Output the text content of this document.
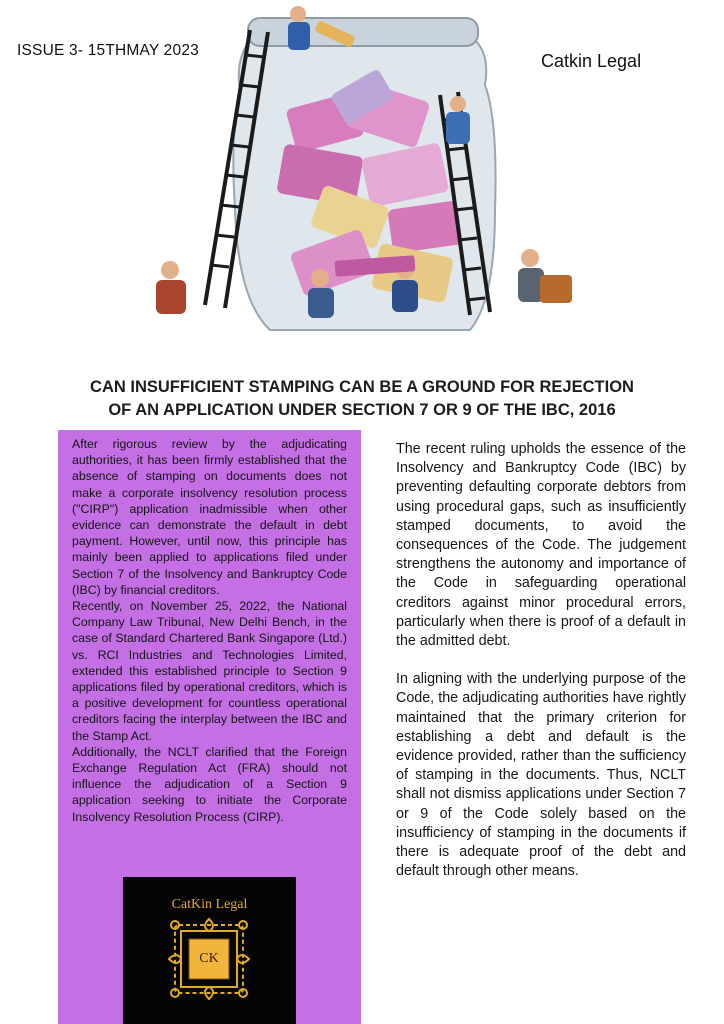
ISSUE 3- 15THMAY 2023
Catkin Legal
CAN INSUFFICIENT STAMPING CAN BE A GROUND FOR REJECTION
OF AN APPLICATION UNDER SECTION 7 OR 9 OF THE IBC, 2016

After rigorous review by the adjudicating authorities, it has been firmly established that the absence of stamping on documents does not make a corporate insolvency resolution process ("CIRP") application inadmissible when other evidence can demonstrate the default in debt payment. However, until now, this principle has mainly been applied to applications filed under Section 7 of the Insolvency and Bankruptcy Code (IBC) by financial creditors.

Recently, on November 25, 2022, the National Company Law Tribunal, New Delhi Bench, in the case of Standard Chartered Bank Singapore (Ltd.) vs. RCI Industries and Technologies Limited, extended this established principle to Section 9 applications filed by operational creditors, which is a positive development for countless operational creditors facing the interplay between the IBC and the Stamp Act.

Additionally, the NCLT clarified that the Foreign Exchange Regulation Act (FRA) should not influence the adjudication of a Section 9 application seeking to initiate the Corporate Insolvency Resolution Process (CIRP).

CatKin Legal
CK

The recent ruling upholds the essence of the Insolvency and Bankruptcy Code (IBC) by preventing defaulting corporate debtors from using procedural gaps, such as insufficiently stamped documents, to avoid the consequences of the Code. The judgement strengthens the autonomy and importance of the Code in safeguarding operational creditors against minor procedural errors, particularly when there is proof of a default in the admitted debt.

In aligning with the underlying purpose of the Code, the adjudicating authorities have rightly maintained that the primary criterion for establishing a debt and default is the evidence provided, rather than the sufficiency of stamping in the documents. Thus, NCLT shall not dismiss applications under Section 7 or 9 of the Code solely based on the insufficiency of stamping in the documents if there is adequate proof of the debt and default through other means.
